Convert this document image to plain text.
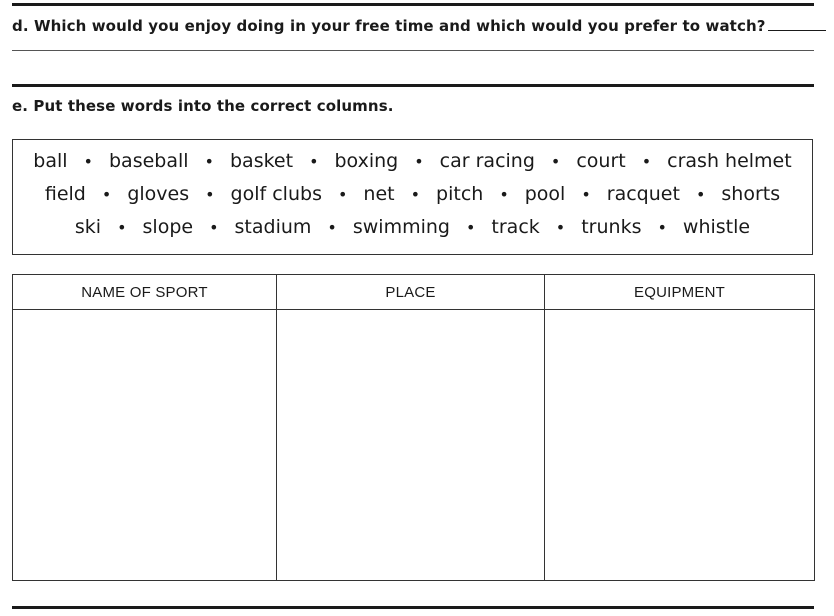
d. Which would you enjoy doing in your free time and which would you prefer to watch?
e. Put these words into the correct columns.
ball • baseball • basket • boxing • car racing • court • crash helmet
field • gloves • golf clubs • net • pitch • pool • racquet • shorts
ski • slope • stadium • swimming • track • trunks • whistle
NAME OF SPORT	PLACE	EQUIPMENT
